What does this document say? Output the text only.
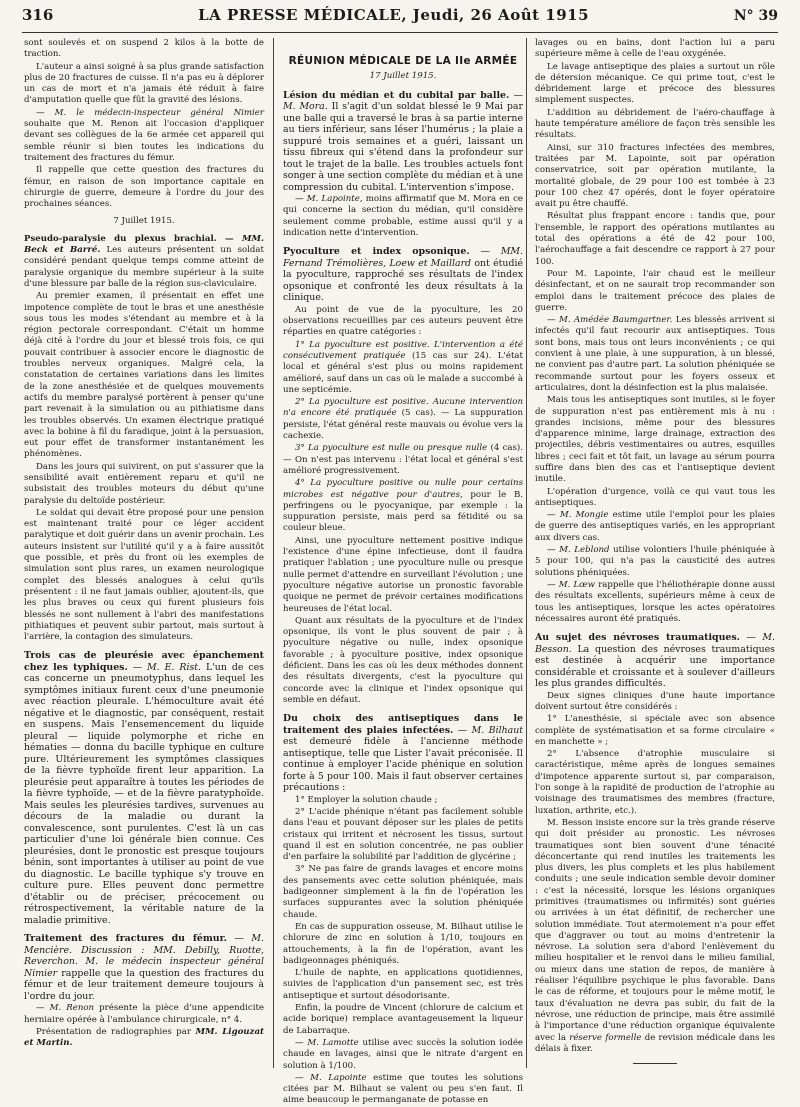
316	LA PRESSE MÉDICALE, Jeudi, 26 Août 1915	N° 39

sont soulevés et on suspend 2 kilos à la botte de traction.

L'auteur a ainsi soigné à sa plus grande satisfaction plus de 20 fractures de cuisse. Il n'a pas eu à déplorer un cas de mort et n'a jamais été réduit à faire d'amputation quelle que fût la gravité des lésions.

— M. le médecin-inspecteur général Nimier souhaite que M. Renon ait l'occasion d'appliquer devant ses collègues de la 6e armée cet appareil qui semble réunir si bien toutes les indications du traitement des fractures du fémur.

Il rappelle que cette question des fractures du fémur, en raison de son importance capitale en chirurgie de guerre, demeure à l'ordre du jour des prochaines séances.

7 Juillet 1915.

Pseudo-paralysie du plexus brachial. — MM. Beck et Barré. Les auteurs présentent un soldat considéré pendant quelque temps comme atteint de paralysie organique du membre supérieur à la suite d'une blessure par balle de la région sus-claviculaire.

Au premier examen, il présentait en effet une impotence complète de tout le bras et une anesthésie sous tous les modes s'étendant au membre et à la région pectorale correspondant. C'était un homme déjà cité à l'ordre du jour et blessé trois fois, ce qui pouvait contribuer à associer encore le diagnostic de troubles nerveux organiques. Malgré cela, la constatation de certaines variations dans les limites de la zone anesthésiée et de quelques mouvements actifs du membre paralysé portèrent à penser qu'une part revenait à la simulation ou au pithiatisme dans les troubles observés. Un examen électrique pratiqué avec la bobine à fil du faradique, joint à la persuasion, eut pour effet de transformer instantanément les phénomènes.

Dans les jours qui suivirent, on put s'assurer que la sensibilité avait entièrement reparu et qu'il ne subsistait des troubles moteurs du début qu'une paralysie du deltoïde postérieur.

Le soldat qui devait être proposé pour une pension est maintenant traité pour ce léger accident paralytique et doit guérir dans un avenir prochain. Les auteurs insistent sur l'utilité qu'il y a à faire aussitôt que possible, et près du front où les exemples de simulation sont plus rares, un examen neurologique complet des blessés analogues à celui qu'ils présentent : il ne faut jamais oublier, ajoutent-ils, que les plus braves ou ceux qui furent plusieurs fois blessés ne sont nullement à l'abri des manifestations pithiatiques et peuvent subir partout, mais surtout à l'arrière, la contagion des simulateurs.

Trois cas de pleurésie avec épanchement chez les typhiques. — M. E. Rist. L'un de ces cas concerne un pneumotyphus, dans lequel les symptômes initiaux furent ceux d'une pneumonie avec réaction pleurale. L'hémoculture avait été négative et le diagnostic, par conséquent, restait en suspens. Mais l'ensemencement du liquide pleural — liquide polymorphe et riche en hématies — donna du bacille typhique en culture pure. Ultérieurement les symptômes classiques de la fièvre typhoïde firent leur apparition. La pleurésie peut apparaître à toutes les périodes de la fièvre typhoïde, — et de la fièvre paratyphoïde. Mais seules les pleurésies tardives, survenues au décours de la maladie ou durant la convalescence, sont purulentes. C'est là un cas particulier d'une loi générale bien connue. Ces pleurésies, dont le pronostic est presque toujours bénin, sont importantes à utiliser au point de vue du diagnostic. Le bacille typhique s'y trouve en culture pure. Elles peuvent donc permettre d'établir ou de préciser, précocement ou rétrospectivement, la véritable nature de la maladie primitive.
Traitement des fractures du fémur. — M. Mencière. Discussion : MM. Debilly, Ruotte, Reverchon. M. le médecin inspecteur général Nimier rappelle que la question des fractures du fémur et de leur traitement demeure toujours à l'ordre du jour.

— M. Renon présente la pièce d'une appendicite herniaire opérée à l'ambulance chirurgicale, n° 4.

Présentation de radiographies par MM. Ligouzat et Martin.

RÉUNION MÉDICALE DE LA IIe ARMÉE

17 Juillet 1915.

Lésion du médian et du cubital par balle. — M. Mora. Il s'agit d'un soldat blessé le 9 Mai par une balle qui a traversé le bras à sa partie interne au tiers inférieur, sans léser l'humérus ; la plaie a suppuré trois semaines et a guéri, laissant un tissu fibreux qui s'étend dans la profondeur sur tout le trajet de la balle. Les troubles actuels font songer à une section complète du médian et à une compression du cubital. L'intervention s'impose.

— M. Lapointe, moins affirmatif que M. Mora en ce qui concerne la section du médian, qu'il considère seulement comme probable, estime aussi qu'il y a indication nette d'intervention.

Pyoculture et index opsonique. — MM. Fernand Trémolières, Loew et Maillard ont étudié la pyoculture, rapproché ses résultats de l'index opsonique et confronté les deux résultats à la clinique.

Au point de vue de la pyoculture, les 20 observations recueillies par ces auteurs peuvent être réparties en quatre catégories :

1° La pyoculture est positive. L'intervention a été consécutivement pratiquée (15 cas sur 24). L'état local et général s'est plus ou moins rapidement amélioré, sauf dans un cas où le malade a succombé à une septicémie.

2° La pyoculture est positive. Aucune intervention n'a encore été pratiquée (5 cas). — La suppuration persiste, l'état général reste mauvais ou évolue vers la cachexie.

3° La pyoculture est nulle ou presque nulle (4 cas). — On n'est pas intervenu : l'état local et général s'est amélioré progressivement.

4° La pyoculture positive ou nulle pour certains microbes est négative pour d'autres, pour le B. perfringens ou le pyocyanique, par exemple : la suppuration persiste, mais perd sa fétidité ou sa couleur bleue.

Ainsi, une pyoculture nettement positive indique l'existence d'une épine infectieuse, dont il faudra pratiquer l'ablation ; une pyoculture nulle ou presque nulle permet d'attendre en surveillant l'évolution ; une pyoculture négative autorise un pronostic favorable quoique ne permet de prévoir certaines modifications heureuses de l'état local.

Quant aux résultats de la pyoculture et de l'index opsonique, ils vont le plus souvent de pair ; à pyoculture négative ou nulle, index opsonique favorable ; à pyoculture positive, index opsonique déficient. Dans les cas où les deux méthodes donnent des résultats divergents, c'est la pyoculture qui concorde avec la clinique et l'index opsonique qui semble en défaut.

Du choix des antiseptiques dans le traitement des plaies infectées. — M. Bilhaut est demeuré fidèle à l'ancienne méthode antiseptique, telle que Lister l'avait préconisée. Il continue à employer l'acide phénique en solution forte à 5 pour 100. Mais il faut observer certaines précautions :

1° Employer la solution chaude ;

2° L'acide phénique n'étant pas facilement soluble dans l'eau et pouvant déposer sur les plaies de petits cristaux qui irritent et nécrosent les tissus, surtout quand il est en solution concentrée, ne pas oublier d'en parfaire la solubilité par l'addition de glycérine ;

3° Ne pas faire de grands lavages et encore moins des pansements avec cette solution phéniquée, mais badigeonner simplement à la fin de l'opération les surfaces suppurantes avec la solution phéniquée chaude.

En cas de suppuration osseuse, M. Bilhaut utilise le chlorure de zinc en solution à 1/10, toujours en attouchements, à la fin de l'opération, avant les badigeonnages phéniqués.

L'huile de naphte, en applications quotidiennes, suivies de l'application d'un pansement sec, est très antiseptique et surtout désodorisante.

Enfin, la poudre de Vincent (chlorure de calcium et acide borique) remplace avantageusement la liqueur de Labarraque.

— M. Lamotte utilise avec succès la solution iodée chaude en lavages, ainsi que le nitrate d'argent en solution à 1/100.

— M. Lapointe estime que toutes les solutions citées par M. Bilhaut se valent ou peu s'en faut. Il aime beaucoup le permanganate de potasse en

lavages ou en bains, dont l'action lui a paru supérieure même à celle de l'eau oxygénée.

Le lavage antiseptique des plaies a surtout un rôle de détersion mécanique. Ce qui prime tout, c'est le débridement large et précoce des blessures simplement suspectes.

L'addition au débridement de l'aéro-chauffage à haute température améliore de façon très sensible les résultats.

Ainsi, sur 310 fractures infectées des membres, traitées par M. Lapointe, soit par opération conservatrice, soit par opération mutilante, la mortalité globale, de 29 pour 100 est tombée à 23 pour 100 chez 47 opérés, dont le foyer opératoire avait pu être chauffé.

Résultat plus frappant encore : tandis que, pour l'ensemble, le rapport des opérations mutilantes au total des opérations a été de 42 pour 100, l'aérochauffage a fait descendre ce rapport à 27 pour 100.

Pour M. Lapointe, l'air chaud est le meilleur désinfectant, et on ne saurait trop recommander son emploi dans le traitement précoce des plaies de guerre.

— M. Amédée Baumgartner. Les blessés arrivent si infectés qu'il faut recourir aux antiseptiques. Tous sont bons, mais tous ont leurs inconvénients ; ce qui convient à une plaie, à une suppuration, à un blessé, ne convient pas d'autre part. La solution phéniquée se recommande surtout pour les foyers osseux et articulaires, dont la désinfection est la plus malaisée.

Mais tous les antiseptiques sont inutiles, si le foyer de suppuration n'est pas entièrement mis à nu : grandes incisions, même pour des blessures d'apparence minime, large drainage, extraction des projectiles, débris vestimentaires ou autres, esquilles libres ; ceci fait et tôt fait, un lavage au sérum pourra suffire dans bien des cas et l'antiseptique devient inutile.

L'opération d'urgence, voilà ce qui vaut tous les antiseptiques.

— M. Mongie estime utile l'emploi pour les plaies de guerre des antiseptiques variés, en les appropriant aux divers cas.

— M. Leblond utilise volontiers l'huile phéniquée à 5 pour 100, qui n'a pas la causticité des autres solutions phéniquées.

— M. Lœw rappelle que l'héliothérapie donne aussi des résultats excellents, supérieurs même à ceux de tous les antiseptiques, lorsque les actes opératoires nécessaires auront été pratiqués.

Au sujet des névroses traumatiques. — M. Besson. La question des névroses traumatiques est destinée à acquérir une importance considérable et croissante et à soulever d'ailleurs les plus grandes difficultés.

Deux signes cliniques d'une haute importance doivent surtout être considérés :

1° L'anesthésie, si spéciale avec son absence complète de systématisation et sa forme circulaire « en manchette » ;

2° L'absence d'atrophie musculaire si caractéristique, même après de longues semaines d'impotence apparente surtout si, par comparaison, l'on songe à la rapidité de production de l'atrophie au voisinage des traumatismes des membres (fracture, luxation, arthrite, etc.).

M. Besson insiste encore sur la très grande réserve qui doit présider au pronostic. Les névroses traumatiques sont bien souvent d'une ténacité déconcertante qui rend inutiles les traitements les plus divers, les plus complets et les plus habilement conduits ; une seule indication semble devoir dominer : c'est la nécessité, lorsque les lésions organiques primitives (traumatismes ou infirmités) sont guéries ou arrivées à un état définitif, de rechercher une solution immédiate. Tout atermoiement n'a pour effet que d'aggraver ou tout au moins d'entretenir la névrose. La solution sera d'abord l'enlèvement du milieu hospitalier et le renvoi dans le milieu familial, ou mieux dans une station de repos, de manière à réaliser l'équilibre psychique le plus favorable. Dans le cas de réforme, et toujours pour le même motif, le taux d'évaluation ne devra pas subir, du fait de la névrose, une réduction de principe, mais être assimilé à l'importance d'une réduction organique équivalente avec la réserve formelle de revision médicale dans les délais à fixer.
